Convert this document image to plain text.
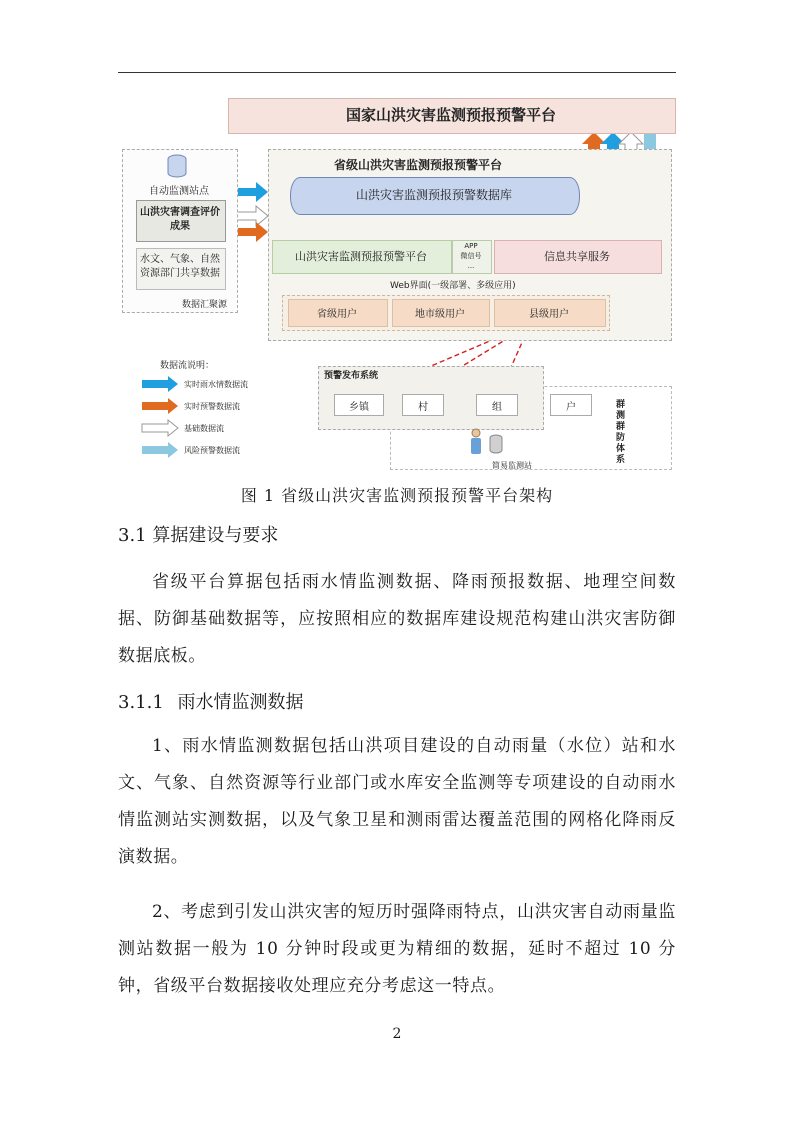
国家山洪灾害监测预报预警平台
自动监测站点
山洪灾害调查评价
成果
水文、气象、自然
资源部门共享数据
数据汇聚源
省级山洪灾害监测预报预警平台
山洪灾害监测预报预警数据库
山洪灾害监测预报预警平台
APP
微信号
...
信息共享服务
Web界面(一级部署、多级应用)
省级用户	地市级用户	县级用户
数据流说明：
实时雨水情数据流
实时预警数据流
基础数据流
风险预警数据流
预警发布系统
乡镇	村	组	户	群
测
群
防
体
系
简易监测站
图 1 省级山洪灾害监测预报预警平台架构
3.1 算据建设与要求
省级平台算据包括雨水情监测数据、降雨预报数据、地理空间数据、防御基础数据等，应按照相应的数据库建设规范构建山洪灾害防御数据底板。
3.1.1 雨水情监测数据
1、雨水情监测数据包括山洪项目建设的自动雨量（水位）站和水文、气象、自然资源等行业部门或水库安全监测等专项建设的自动雨水情监测站实测数据，以及气象卫星和测雨雷达覆盖范围的网格化降雨反演数据。
2、考虑到引发山洪灾害的短历时强降雨特点，山洪灾害自动雨量监测站数据一般为 10 分钟时段或更为精细的数据，延时不超过 10 分钟，省级平台数据接收处理应充分考虑这一特点。
2
